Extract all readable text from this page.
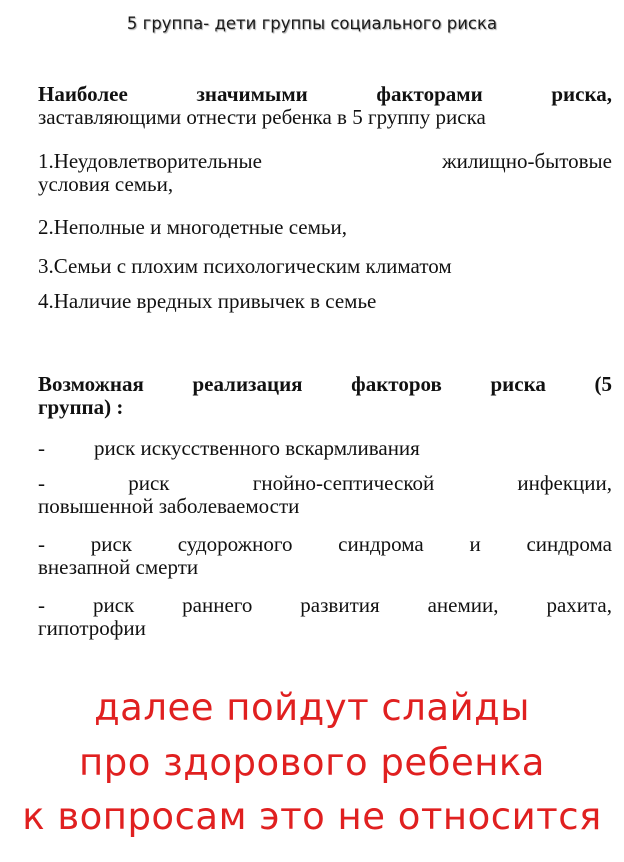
5 группа- дети группы социального риска
Наиболее значимыми факторами риска,
заставляющими отнести ребенка в 5 группу риска
1.Неудовлетворительные жилищно-бытовые
условия семьи,
2.Неполные и многодетные семьи,
3.Семьи с плохим психологическим климатом
4.Наличие вредных привычек в семье
Возможная реализация факторов риска (5
группа) :
- риск искусственного вскармливания
-	риск гнойно-септической инфекции,
повышенной заболеваемости
- риск судорожного синдрома и синдрома
внезапной смерти
- риск раннего развития анемии, рахита,
гипотрофии
далее пойдут слайды
про здорового ребенка
к вопросам это не относится
